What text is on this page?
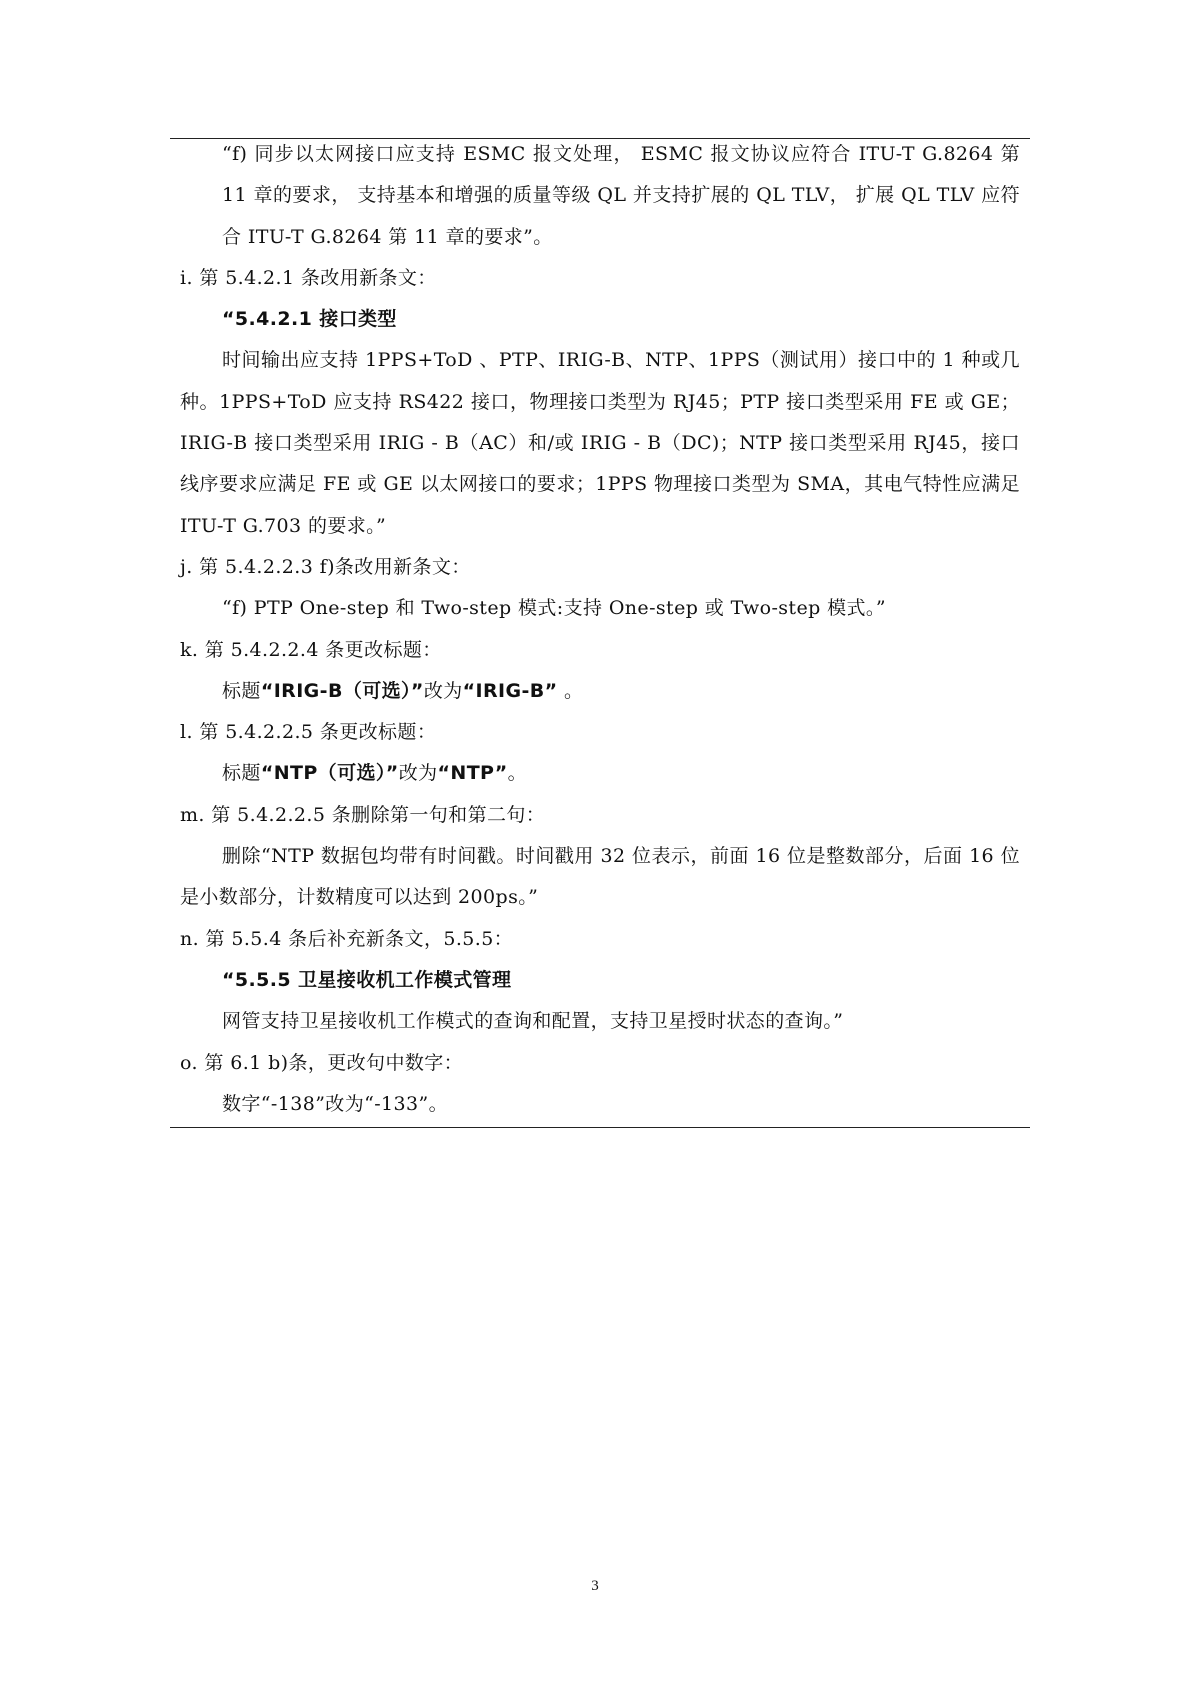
“f) 同步以太网接口应支持 ESMC 报文处理， ESMC 报文协议应符合 ITU-T G.8264 第 11 章的要求， 支持基本和增强的质量等级 QL 并支持扩展的 QL TLV， 扩展 QL TLV 应符合 ITU-T G.8264 第 11 章的要求”。

i. 第 5.4.2.1 条改用新条文：

“5.4.2.1 接口类型

时间输出应支持 1PPS+ToD 、PTP、IRIG-B、NTP、1PPS（测试用）接口中的 1 种或几种。1PPS+ToD 应支持 RS422 接口，物理接口类型为 RJ45；PTP 接口类型采用 FE 或 GE；IRIG-B 接口类型采用 IRIG - B（AC）和/或 IRIG - B（DC)；NTP 接口类型采用 RJ45，接口线序要求应满足 FE 或 GE 以太网接口的要求；1PPS 物理接口类型为 SMA，其电气特性应满足 ITU-T G.703 的要求。”

j. 第 5.4.2.2.3 f)条改用新条文：

“f) PTP One-step 和 Two-step 模式:支持 One-step 或 Two-step 模式。”

k. 第 5.4.2.2.4 条更改标题：

标题“IRIG-B（可选）”改为“IRIG-B” 。

l. 第 5.4.2.2.5 条更改标题：

标题“NTP（可选）”改为“NTP”。

m. 第 5.4.2.2.5 条删除第一句和第二句：

删除“NTP 数据包均带有时间戳。时间戳用 32 位表示，前面 16 位是整数部分，后面 16 位是小数部分，计数精度可以达到 200ps。”

n. 第 5.5.4 条后补充新条文，5.5.5：

“5.5.5 卫星接收机工作模式管理

网管支持卫星接收机工作模式的查询和配置，支持卫星授时状态的查询。”

o. 第 6.1 b)条，更改句中数字：

数字“-138”改为“-133”。

3
